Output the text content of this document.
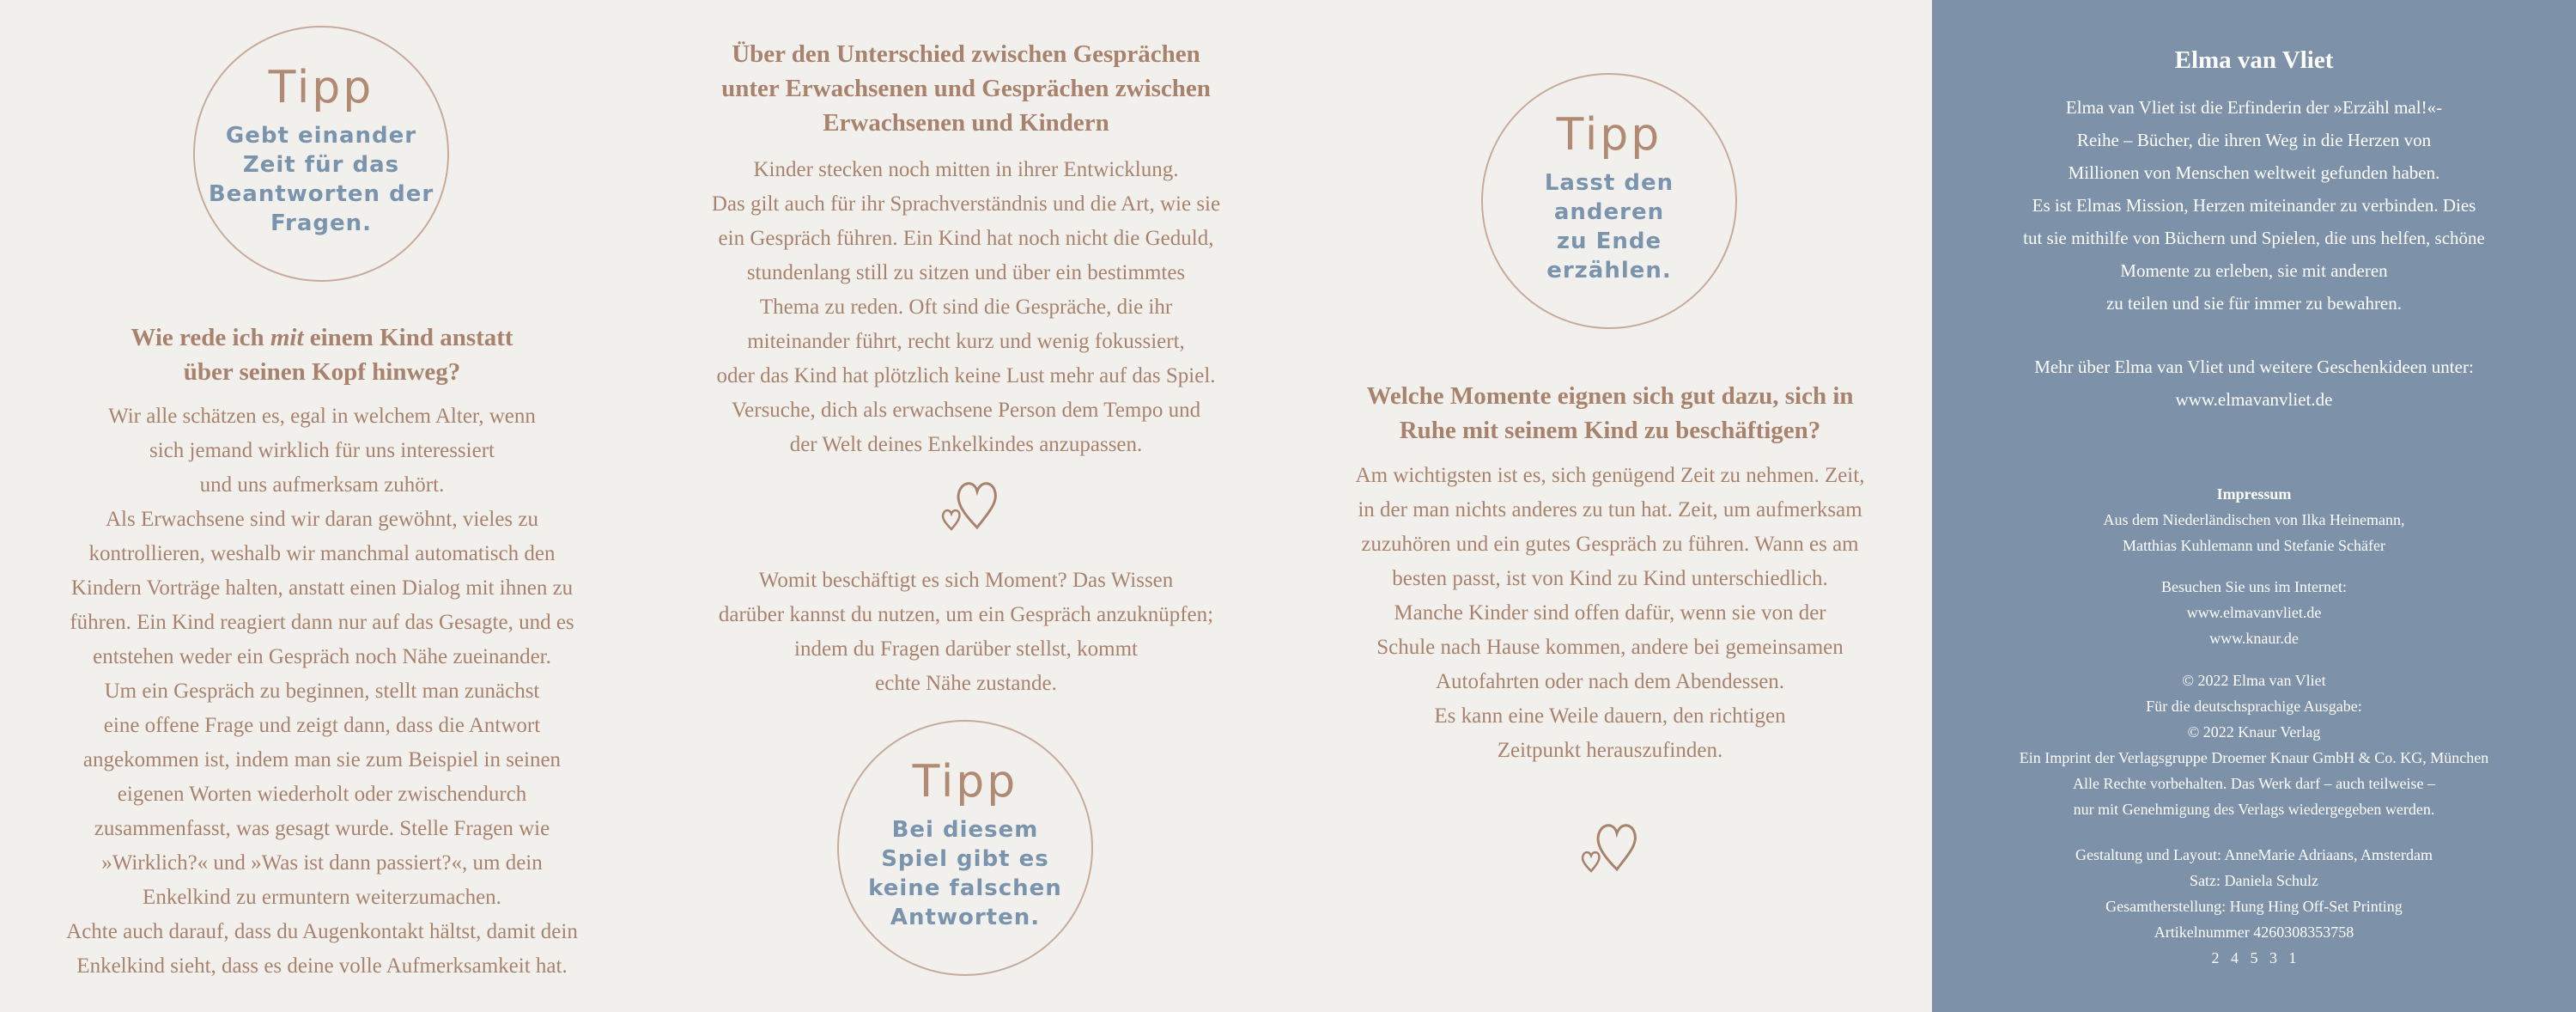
Tipp
Gebt einander
Zeit für das
Beantworten der
Fragen.
Wie rede ich mit einem Kind anstatt
über seinen Kopf hinweg?

Wir alle schätzen es, egal in welchem Alter, wenn
sich jemand wirklich für uns interessiert
und uns aufmerksam zuhört.
Als Erwachsene sind wir daran gewöhnt, vieles zu
kontrollieren, weshalb wir manchmal automatisch den
Kindern Vorträge halten, anstatt einen Dialog mit ihnen zu
führen. Ein Kind reagiert dann nur auf das Gesagte, und es
entstehen weder ein Gespräch noch Nähe zueinander.
Um ein Gespräch zu beginnen, stellt man zunächst
eine offene Frage und zeigt dann, dass die Antwort
angekommen ist, indem man sie zum Beispiel in seinen
eigenen Worten wiederholt oder zwischendurch
zusammenfasst, was gesagt wurde. Stelle Fragen wie
»Wirklich?« und »Was ist dann passiert?«, um dein
Enkelkind zu ermuntern weiterzumachen.
Achte auch darauf, dass du Augenkontakt hältst, damit dein
Enkelkind sieht, dass es deine volle Aufmerksamkeit hat.

Über den Unterschied zwischen Gesprächen
unter Erwachsenen und Gesprächen zwischen
Erwachsenen und Kindern

Kinder stecken noch mitten in ihrer Entwicklung.
Das gilt auch für ihr Sprachverständnis und die Art, wie sie
ein Gespräch führen. Ein Kind hat noch nicht die Geduld,
stundenlang still zu sitzen und über ein bestimmtes
Thema zu reden. Oft sind die Gespräche, die ihr
miteinander führt, recht kurz und wenig fokussiert,
oder das Kind hat plötzlich keine Lust mehr auf das Spiel.
Versuche, dich als erwachsene Person dem Tempo und
der Welt deines Enkelkindes anzupassen.

Womit beschäftigt es sich Moment? Das Wissen
darüber kannst du nutzen, um ein Gespräch anzuknüpfen;
indem du Fragen darüber stellst, kommt
echte Nähe zustande.

Tipp
Bei diesem
Spiel gibt es
keine falschen
Antworten.
Tipp
Lasst den
anderen
zu Ende
erzählen.
Welche Momente eignen sich gut dazu, sich in
Ruhe mit seinem Kind zu beschäftigen?

Am wichtigsten ist es, sich genügend Zeit zu nehmen. Zeit,
in der man nichts anderes zu tun hat. Zeit, um aufmerksam
zuzuhören und ein gutes Gespräch zu führen. Wann es am
besten passt, ist von Kind zu Kind unterschiedlich.
Manche Kinder sind offen dafür, wenn sie von der
Schule nach Hause kommen, andere bei gemeinsamen
Autofahrten oder nach dem Abendessen.
Es kann eine Weile dauern, den richtigen
Zeitpunkt herauszufinden.

Elma van Vliet

Elma van Vliet ist die Erfinderin der »Erzähl mal!«-
Reihe – Bücher, die ihren Weg in die Herzen von
Millionen von Menschen weltweit gefunden haben.
Es ist Elmas Mission, Herzen miteinander zu verbinden. Dies
tut sie mithilfe von Büchern und Spielen, die uns helfen, schöne
Momente zu erleben, sie mit anderen
zu teilen und sie für immer zu bewahren.

Mehr über Elma van Vliet und weitere Geschenkideen unter:
www.elmavanvliet.de

Impressum
Aus dem Niederländischen von Ilka Heinemann,
Matthias Kuhlemann und Stefanie Schäfer

Besuchen Sie uns im Internet:
www.elmavanvliet.de
www.knaur.de

© 2022 Elma van Vliet
Für die deutschsprachige Ausgabe:
© 2022 Knaur Verlag
Ein Imprint der Verlagsgruppe Droemer Knaur GmbH & Co. KG, München
Alle Rechte vorbehalten. Das Werk darf – auch teilweise –
nur mit Genehmigung des Verlags wiedergegeben werden.

Gestaltung und Layout: AnneMarie Adriaans, Amsterdam
Satz: Daniela Schulz
Gesamtherstellung: Hung Hing Off-Set Printing
Artikelnummer 4260308353758
2   4   5   3   1
